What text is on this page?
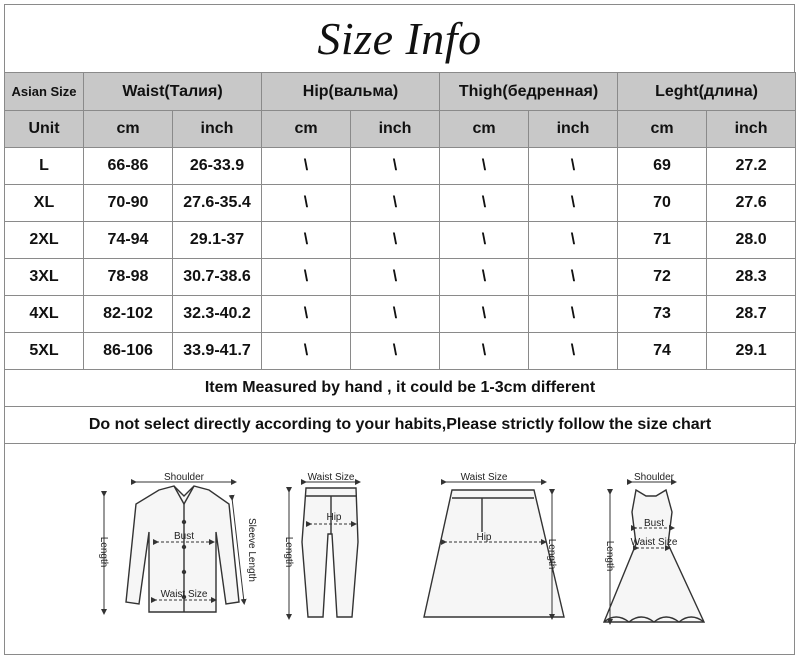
Size Info
Asian Size	Waist(Талия)		Hip(вальма)		Thigh(бедренная)		Leght(длина)	
Unit	cm	inch	cm	inch	cm	inch	cm	inch
L	66-86	26-33.9	\	\	\	\	69	27.2
XL	70-90	27.6-35.4	\	\	\	\	70	27.6
2XL	74-94	29.1-37	\	\	\	\	71	28.0
3XL	78-98	30.7-38.6	\	\	\	\	72	28.3
4XL	82-102	32.3-40.2	\	\	\	\	73	28.7
5XL	86-106	33.9-41.7	\	\	\	\	74	29.1
Item Measured by hand , it could be 1-3cm different								
Do not select directly according to your habits,Please strictly follow the size chart								
Shoulder
Bust
Waist Size
Length	Sleeve Length
Waist Size
Hip
Length
Waist Size
Hip
Length
Shoulder
Bust
Waist Size
Length
